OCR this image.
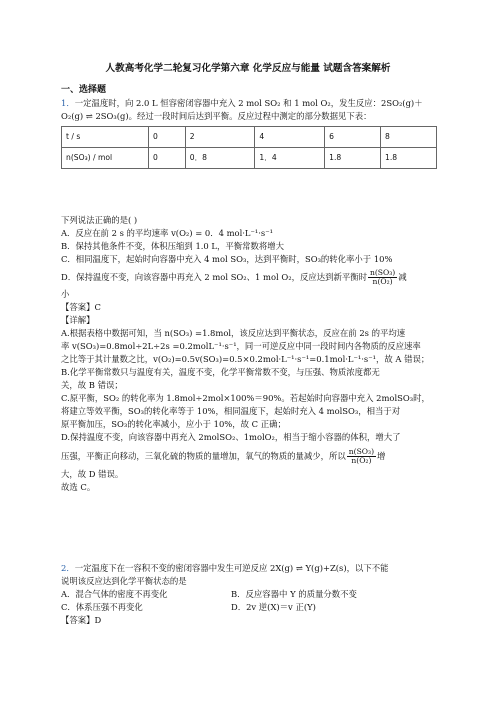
人教高考化学二轮复习化学第六章 化学反应与能量 试题含答案解析
一、选择题
1．一定温度时，向 2.0 L 恒容密闭容器中充入 2 mol SO₂ 和 1 mol O₂，发生反应：2SO₂(g)＋
O₂(g) ⇌ 2SO₃(g)。经过一段时间后达到平衡。反应过程中测定的部分数据见下表：
t / s	0	2	4	6	8
n(SO₃) / mol	0	0．8	1．4	1.8	1.8
下列说法正确的是( )
A．反应在前 2 s 的平均速率 v(O₂) = 0．4 mol·L⁻¹·s⁻¹
B．保持其他条件不变，体积压缩到 1.0 L，平衡常数将增大
C．相同温度下，起始时向容器中充入 4 mol SO₃，达到平衡时，SO₃的转化率小于 10%
D．保持温度不变，向该容器中再充入 2 mol SO₂、1 mol O₂，反应达到新平衡时 $\frac{\text{n(SO₃)}}{\text{n(O₂)}}$ 减
小
【答案】C
【详解】
A.根据表格中数据可知，当 n(SO₃) =1.8mol，该反应达到平衡状态，反应在前 2s 的平均速
率 v(SO₃)=0.8mol÷2L÷2s =0.2molL⁻¹·s⁻¹，同一可逆反应中同一段时间内各物质的反应速率
之比等于其计量数之比，v(O₂)=0.5v(SO₃)=0.5×0.2mol·L⁻¹·s⁻¹=0.1mol·L⁻¹·s⁻¹，故 A 错误；
B.化学平衡常数只与温度有关，温度不变，化学平衡常数不变，与压强、物质浓度都无
关，故 B 错误；
C.原平衡，SO₂ 的转化率为 1.8mol÷2mol×100%＝90%。若起始时向容器中充入 2molSO₃时，
将建立等效平衡，SO₃的转化率等于 10%，相同温度下，起始时充入 4 molSO₃，相当于对
原平衡加压，SO₃的转化率减小，应小于 10%，故 C 正确；
D.保持温度不变，向该容器中再充入 2molSO₂、1molO₂，相当于缩小容器的体积，增大了
压强，平衡正向移动，三氧化硫的物质的量增加，氧气的物质的量减少，所以 $\frac{\text{n(SO₃)}}{\text{n(O₂)}}$ 增
大，故 D 错误。
故选 C。
2．一定温度下在一容积不变的密闭容器中发生可逆反应 2X(g) ⇌ Y(g)+Z(s)，以下不能
说明该反应达到化学平衡状态的是
A．混合气体的密度不再变化	B．反应容器中 Y 的质量分数不变
C．体系压强不再变化	D．2v 逆(X)＝v 正(Y)
【答案】D
